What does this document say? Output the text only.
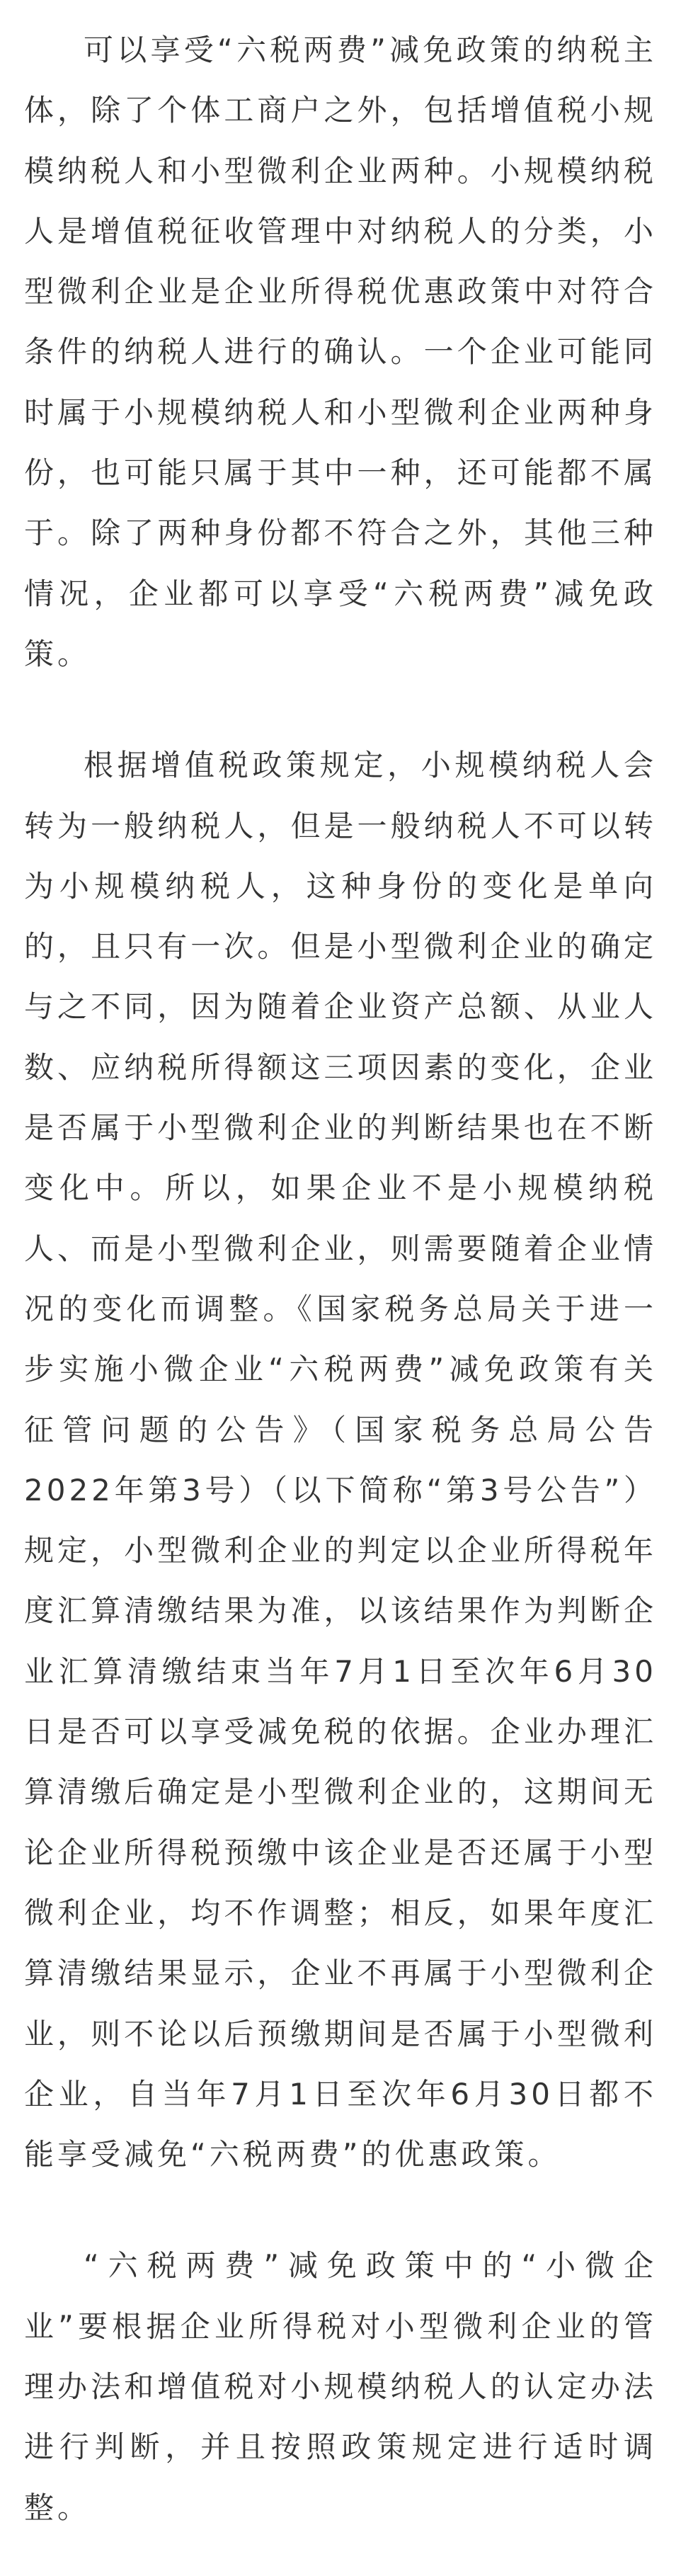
可以享受“六税两费”减免政策的纳税主体，除了个体工商户之外，包括增值税小规模纳税人和小型微利企业两种。小规模纳税人是增值税征收管理中对纳税人的分类，小型微利企业是企业所得税优惠政策中对符合条件的纳税人进行的确认。一个企业可能同时属于小规模纳税人和小型微利企业两种身份，也可能只属于其中一种，还可能都不属于。除了两种身份都不符合之外，其他三种情况，企业都可以享受“六税两费”减免政策。

根据增值税政策规定，小规模纳税人会转为一般纳税人，但是一般纳税人不可以转为小规模纳税人，这种身份的变化是单向的，且只有一次。但是小型微利企业的确定与之不同，因为随着企业资产总额、从业人数、应纳税所得额这三项因素的变化，企业是否属于小型微利企业的判断结果也在不断变化中。所以，如果企业不是小规模纳税人、而是小型微利企业，则需要随着企业情况的变化而调整。《国家税务总局关于进一步实施小微企业“六税两费”减免政策有关征管问题的公告》（国家税务总局公告2022年第3号）（以下简称“第3号公告”）规定，小型微利企业的判定以企业所得税年度汇算清缴结果为准，以该结果作为判断企业汇算清缴结束当年7月1日至次年6月30日是否可以享受减免税的依据。企业办理汇算清缴后确定是小型微利企业的，这期间无论企业所得税预缴中该企业是否还属于小型微利企业，均不作调整；相反，如果年度汇算清缴结果显示，企业不再属于小型微利企业，则不论以后预缴期间是否属于小型微利企业，自当年7月1日至次年6月30日都不能享受减免“六税两费”的优惠政策。

“六税两费”减免政策中的“小微企业”要根据企业所得税对小型微利企业的管理办法和增值税对小规模纳税人的认定办法进行判断，并且按照政策规定进行适时调整。
